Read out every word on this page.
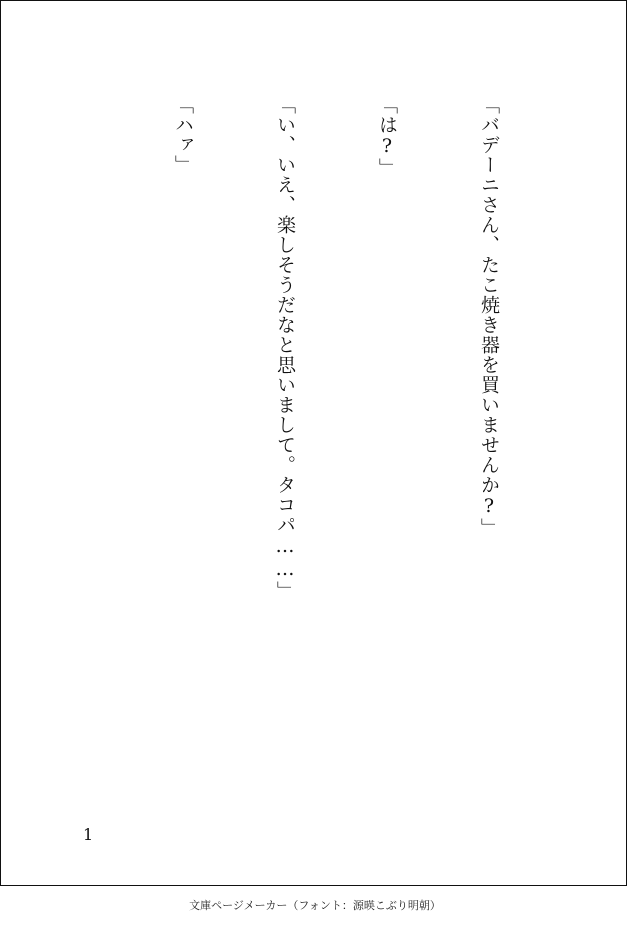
「バデーニさん、たこ焼き器を買いませんか?」

「は?」

「い、いえ、楽しそうだなと思いまして。タコパ……」

「ハァ」

1
文庫ページメーカー（フォント：源暎こぶり明朝）
